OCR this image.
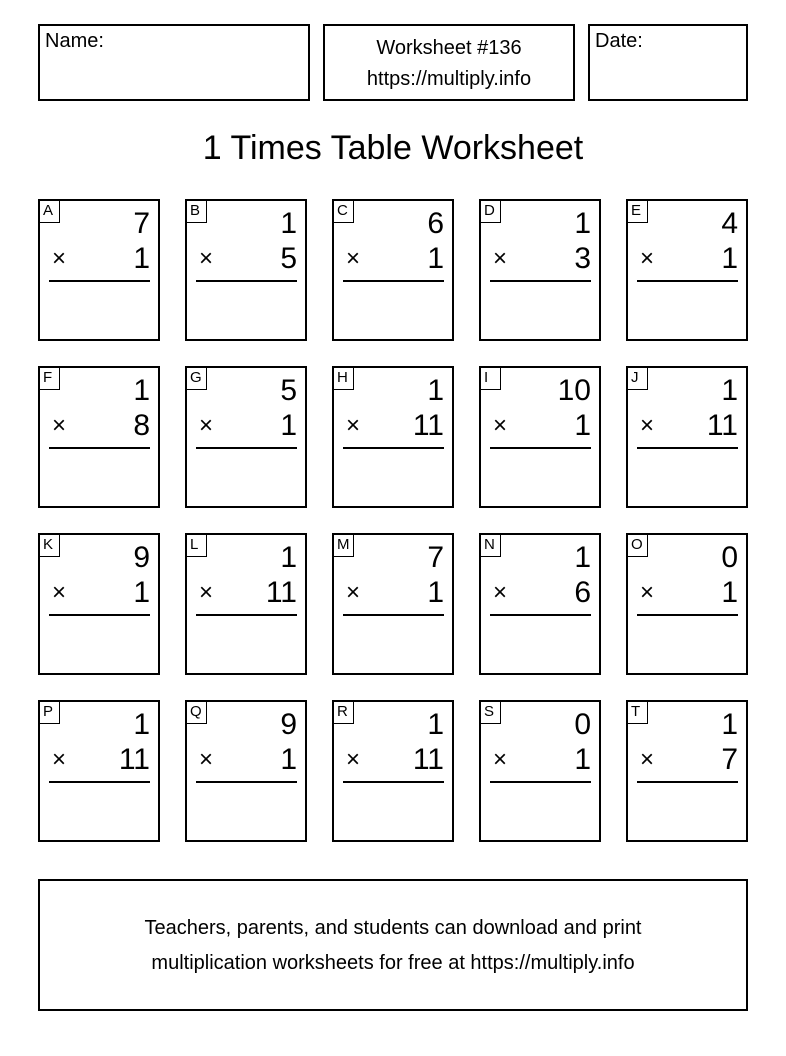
Name:	Worksheet #136
https://multiply.info
Date:
1 Times Table Worksheet
A	7
× 1
B	1
× 5
C	6
× 1
D	1
× 3
E	4
× 1
F	1
× 8
G	5
× 1
H	1
× 11
I	10
× 1
J	1
× 11
K	9
× 1
L	1
× 11
M	7
× 1
N	1
× 6
O	0
× 1
P	1
× 11
Q	9
× 1
R	1
× 11
S	0
× 1
T	1
× 7
Teachers, parents, and students can download and print
multiplication worksheets for free at https://multiply.info
